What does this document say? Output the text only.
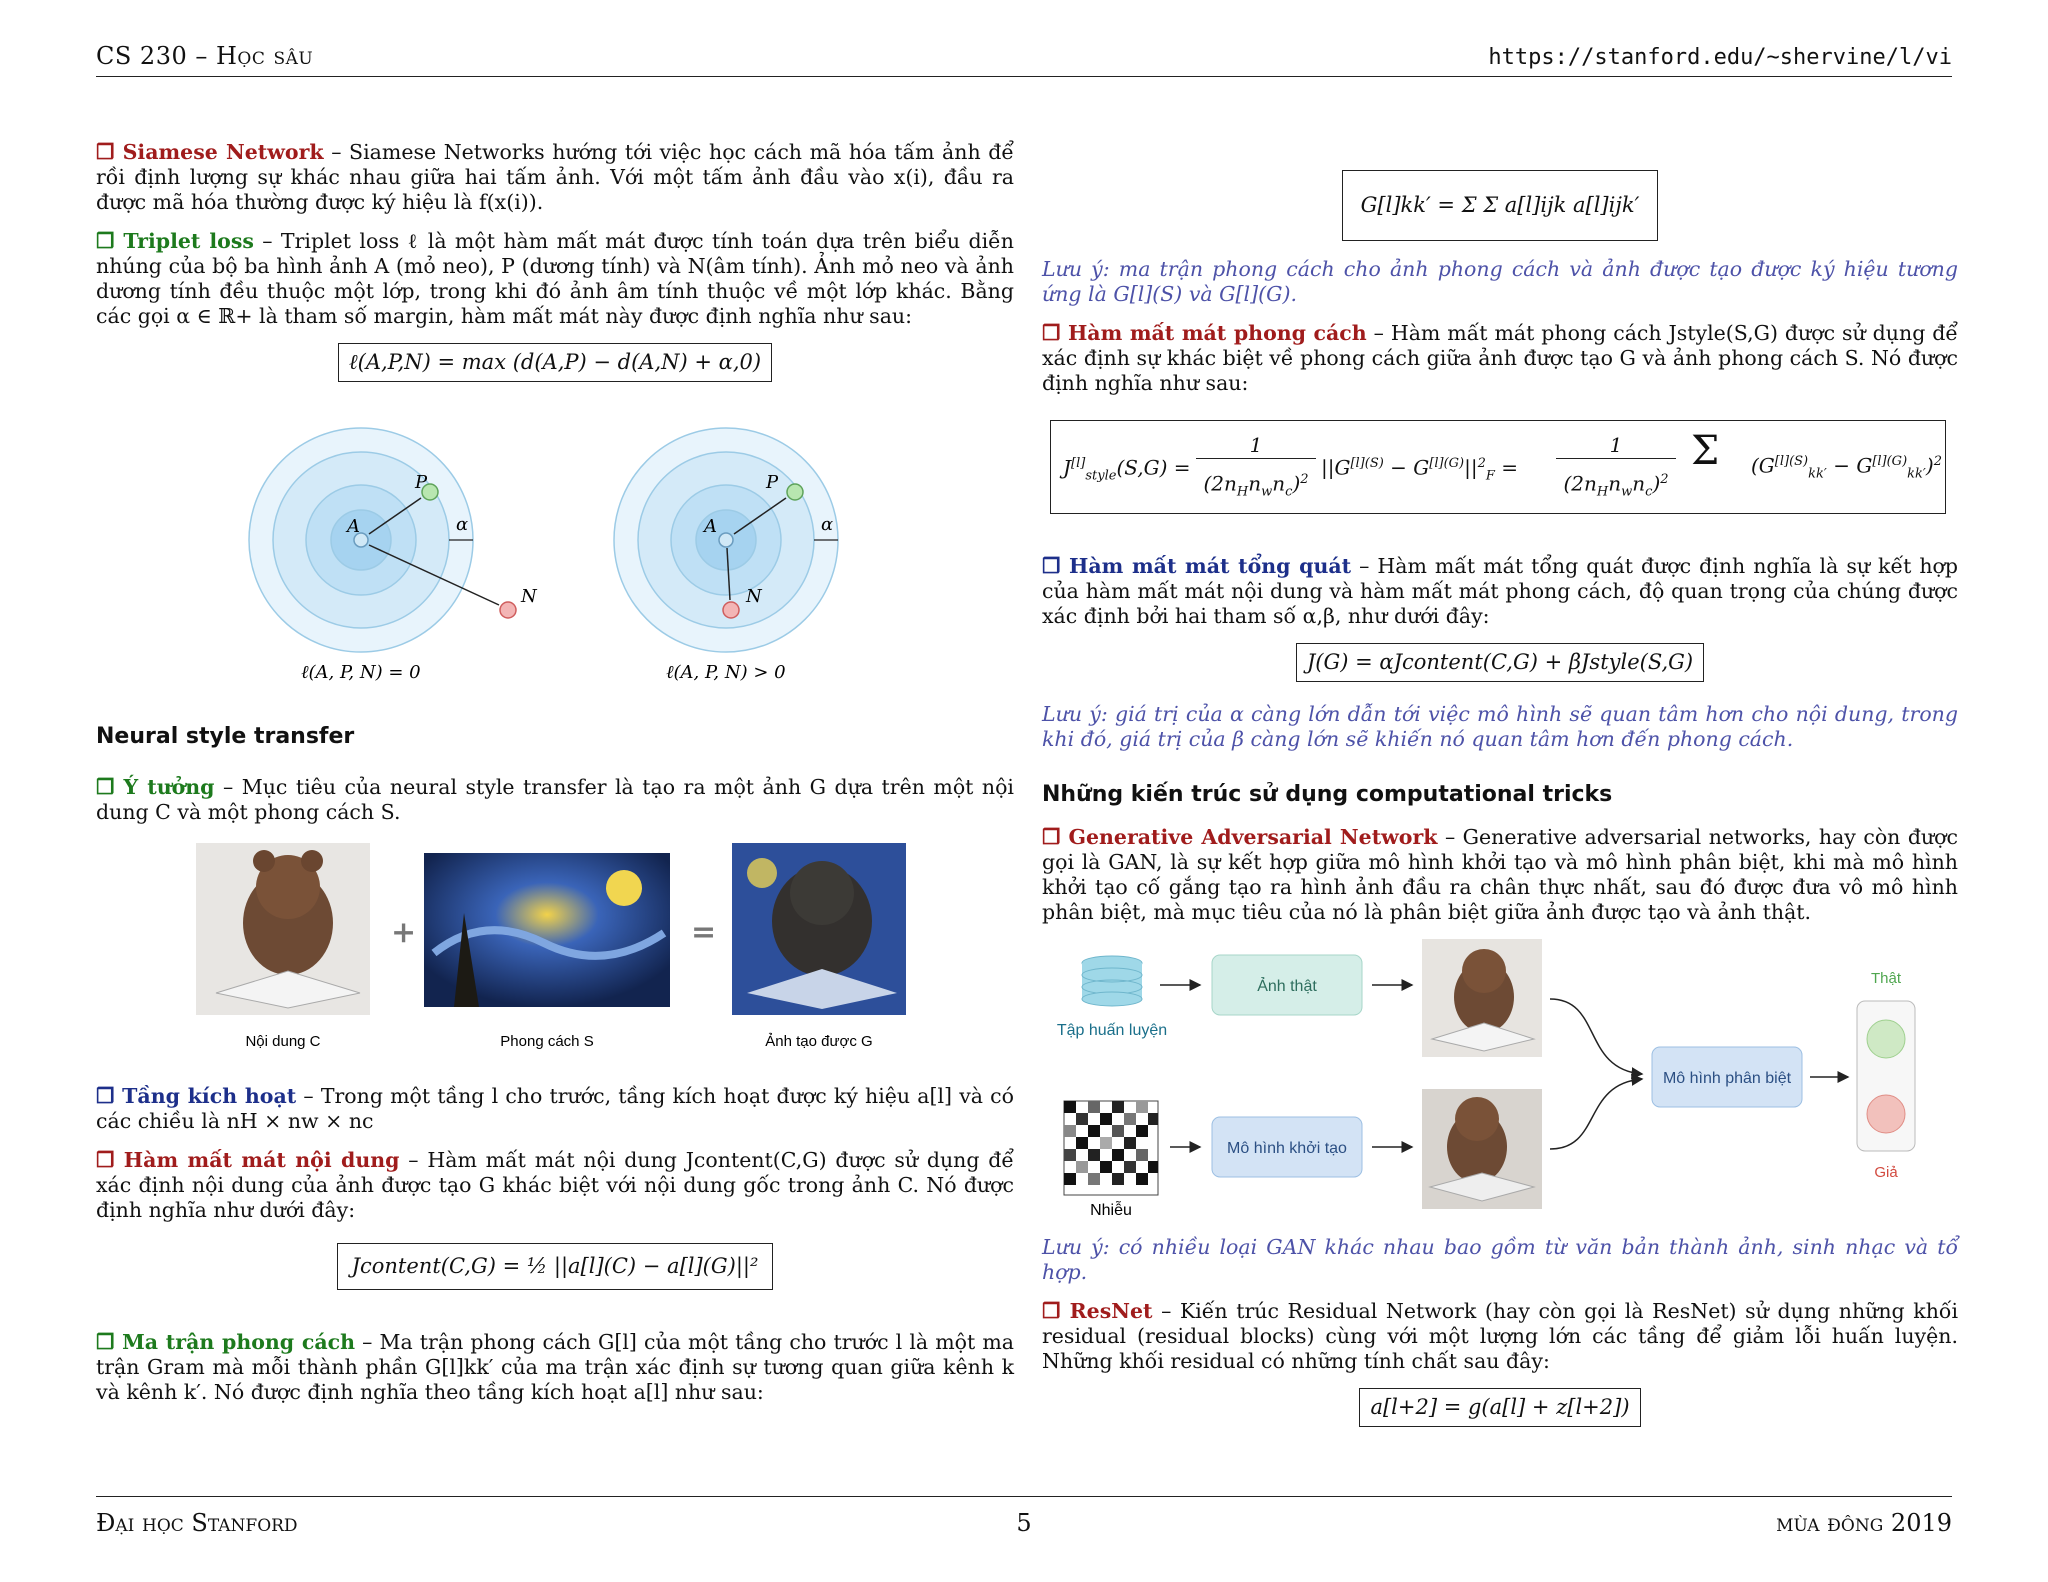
CS 230 – Học sâu	https://stanford.edu/~shervine/l/vi

❒ Siamese Network – Siamese Networks hướng tới việc học cách mã hóa tấm ảnh để rồi định lượng sự khác nhau giữa hai tấm ảnh. Với một tấm ảnh đầu vào x(i), đầu ra được mã hóa thường được ký hiệu là f(x(i)).

❒ Triplet loss – Triplet loss ℓ là một hàm mất mát được tính toán dựa trên biểu diễn nhúng của bộ ba hình ảnh A (mỏ neo), P (dương tính) và N(âm tính). Ảnh mỏ neo và ảnh dương tính đều thuộc một lớp, trong khi đó ảnh âm tính thuộc về một lớp khác. Bằng các gọi α ∈ ℝ+ là tham số margin, hàm mất mát này được định nghĩa như sau:

ℓ(A,P,N) = max (d(A,P) − d(A,N) + α,0)
A
P
N
α
ℓ(A, P, N) = 0
A
P
N
α
ℓ(A, P, N) > 0
Neural style transfer

❒ Ý tưởng – Mục tiêu của neural style transfer là tạo ra một ảnh G dựa trên một nội dung C và một phong cách S.

+	=
Nội dung C	Phong cách S	Ảnh tạo được G

❒ Tầng kích hoạt – Trong một tầng l cho trước, tầng kích hoạt được ký hiệu a[l] và có các chiều là nH × nw × nc

❒ Hàm mất mát nội dung – Hàm mất mát nội dung Jcontent(C,G) được sử dụng để xác định nội dung của ảnh được tạo G khác biệt với nội dung gốc trong ảnh C. Nó được định nghĩa như dưới đây:

Jcontent(C,G) = ½ ||a[l](C) − a[l](G)||²

❒ Ma trận phong cách – Ma trận phong cách G[l] của một tầng cho trước l là một ma trận Gram mà mỗi thành phần G[l]kk′ của ma trận xác định sự tương quan giữa kênh k và kênh k′. Nó được định nghĩa theo tầng kích hoạt a[l] như sau:

G[l]kk′ = Σ Σ a[l]ijk a[l]ijk′

Lưu ý: ma trận phong cách cho ảnh phong cách và ảnh được tạo được ký hiệu tương ứng là G[l](S) và G[l](G).

❒ Hàm mất mát phong cách – Hàm mất mát phong cách Jstyle(S,G) được sử dụng để xác định sự khác biệt về phong cách giữa ảnh được tạo G và ảnh phong cách S. Nó được định nghĩa như sau:

$J[l]_{style}(S,G)$ =
1
$(2n_Hn_wn_c)^2$ $||G^{[l](S)} - G^{[l](G)}||^2_F$ =
1
$(2n_Hn_wn_c)^2$
Σ $(G^{[l](S)}_{kk'} - G^{[l](G)}_{kk'})^2$

❒ Hàm mất mát tổng quát – Hàm mất mát tổng quát được định nghĩa là sự kết hợp của hàm mất mát nội dung và hàm mất mát phong cách, độ quan trọng của chúng được xác định bởi hai tham số α,β, như dưới đây:

J(G) = αJcontent(C,G) + βJstyle(S,G)

Lưu ý: giá trị của α càng lớn dẫn tới việc mô hình sẽ quan tâm hơn cho nội dung, trong khi đó, giá trị của β càng lớn sẽ khiến nó quan tâm hơn đến phong cách.

Những kiến trúc sử dụng computational tricks

❒ Generative Adversarial Network – Generative adversarial networks, hay còn được gọi là GAN, là sự kết hợp giữa mô hình khởi tạo và mô hình phân biệt, khi mà mô hình khởi tạo cố gắng tạo ra hình ảnh đầu ra chân thực nhất, sau đó được đưa vô mô hình phân biệt, mà mục tiêu của nó là phân biệt giữa ảnh được tạo và ảnh thật.

Tập huấn luyện
Ảnh thật
Nhiễu
Mô hình khởi tạo
Mô hình phân biệt
Thật
Giả

Lưu ý: có nhiều loại GAN khác nhau bao gồm từ văn bản thành ảnh, sinh nhạc và tổ hợp.

❒ ResNet – Kiến trúc Residual Network (hay còn gọi là ResNet) sử dụng những khối residual (residual blocks) cùng với một lượng lớn các tầng để giảm lỗi huấn luyện. Những khối residual có những tính chất sau đây:

a[l+2] = g(a[l] + z[l+2])
Đại học Stanford	5	mùa đông 2019
